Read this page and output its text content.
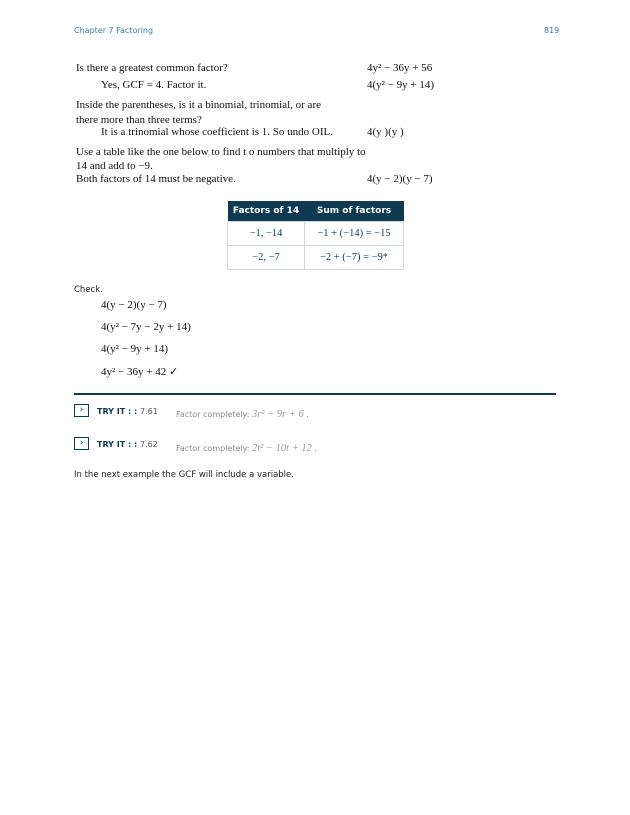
Chapter 7 Factoring	819
Is there a greatest common factor?	4y² − 36y + 56
Yes, GCF = 4. Factor it.	4(y² − 9y + 14)
Inside the parentheses, is it a binomial, trinomial, or are
there more than three terms?
It is a trinomial whose coefficient is 1. So undo OIL.	4(y )(y )
Use a table like the one below to find t o numbers that multiply to
14 and add to −9.
Both factors of 14 must be negative.	4(y − 2)(y − 7)
Factors of 14	Sum of factors
−1, −14	−1 + (−14) = −15
−2, −7	−2 + (−7) = −9*
Check.
4(y − 2)(y − 7)
4(y² − 7y − 2y + 14)
4(y² − 9y + 14)
4y² − 36y + 42 ✓
›	TRY IT : : 7.61 Factor completely: 3r² − 9r + 6 .
›	TRY IT : : 7.62 Factor completely: 2t² − 10t + 12 .
In the next example the GCF will include a variable.
